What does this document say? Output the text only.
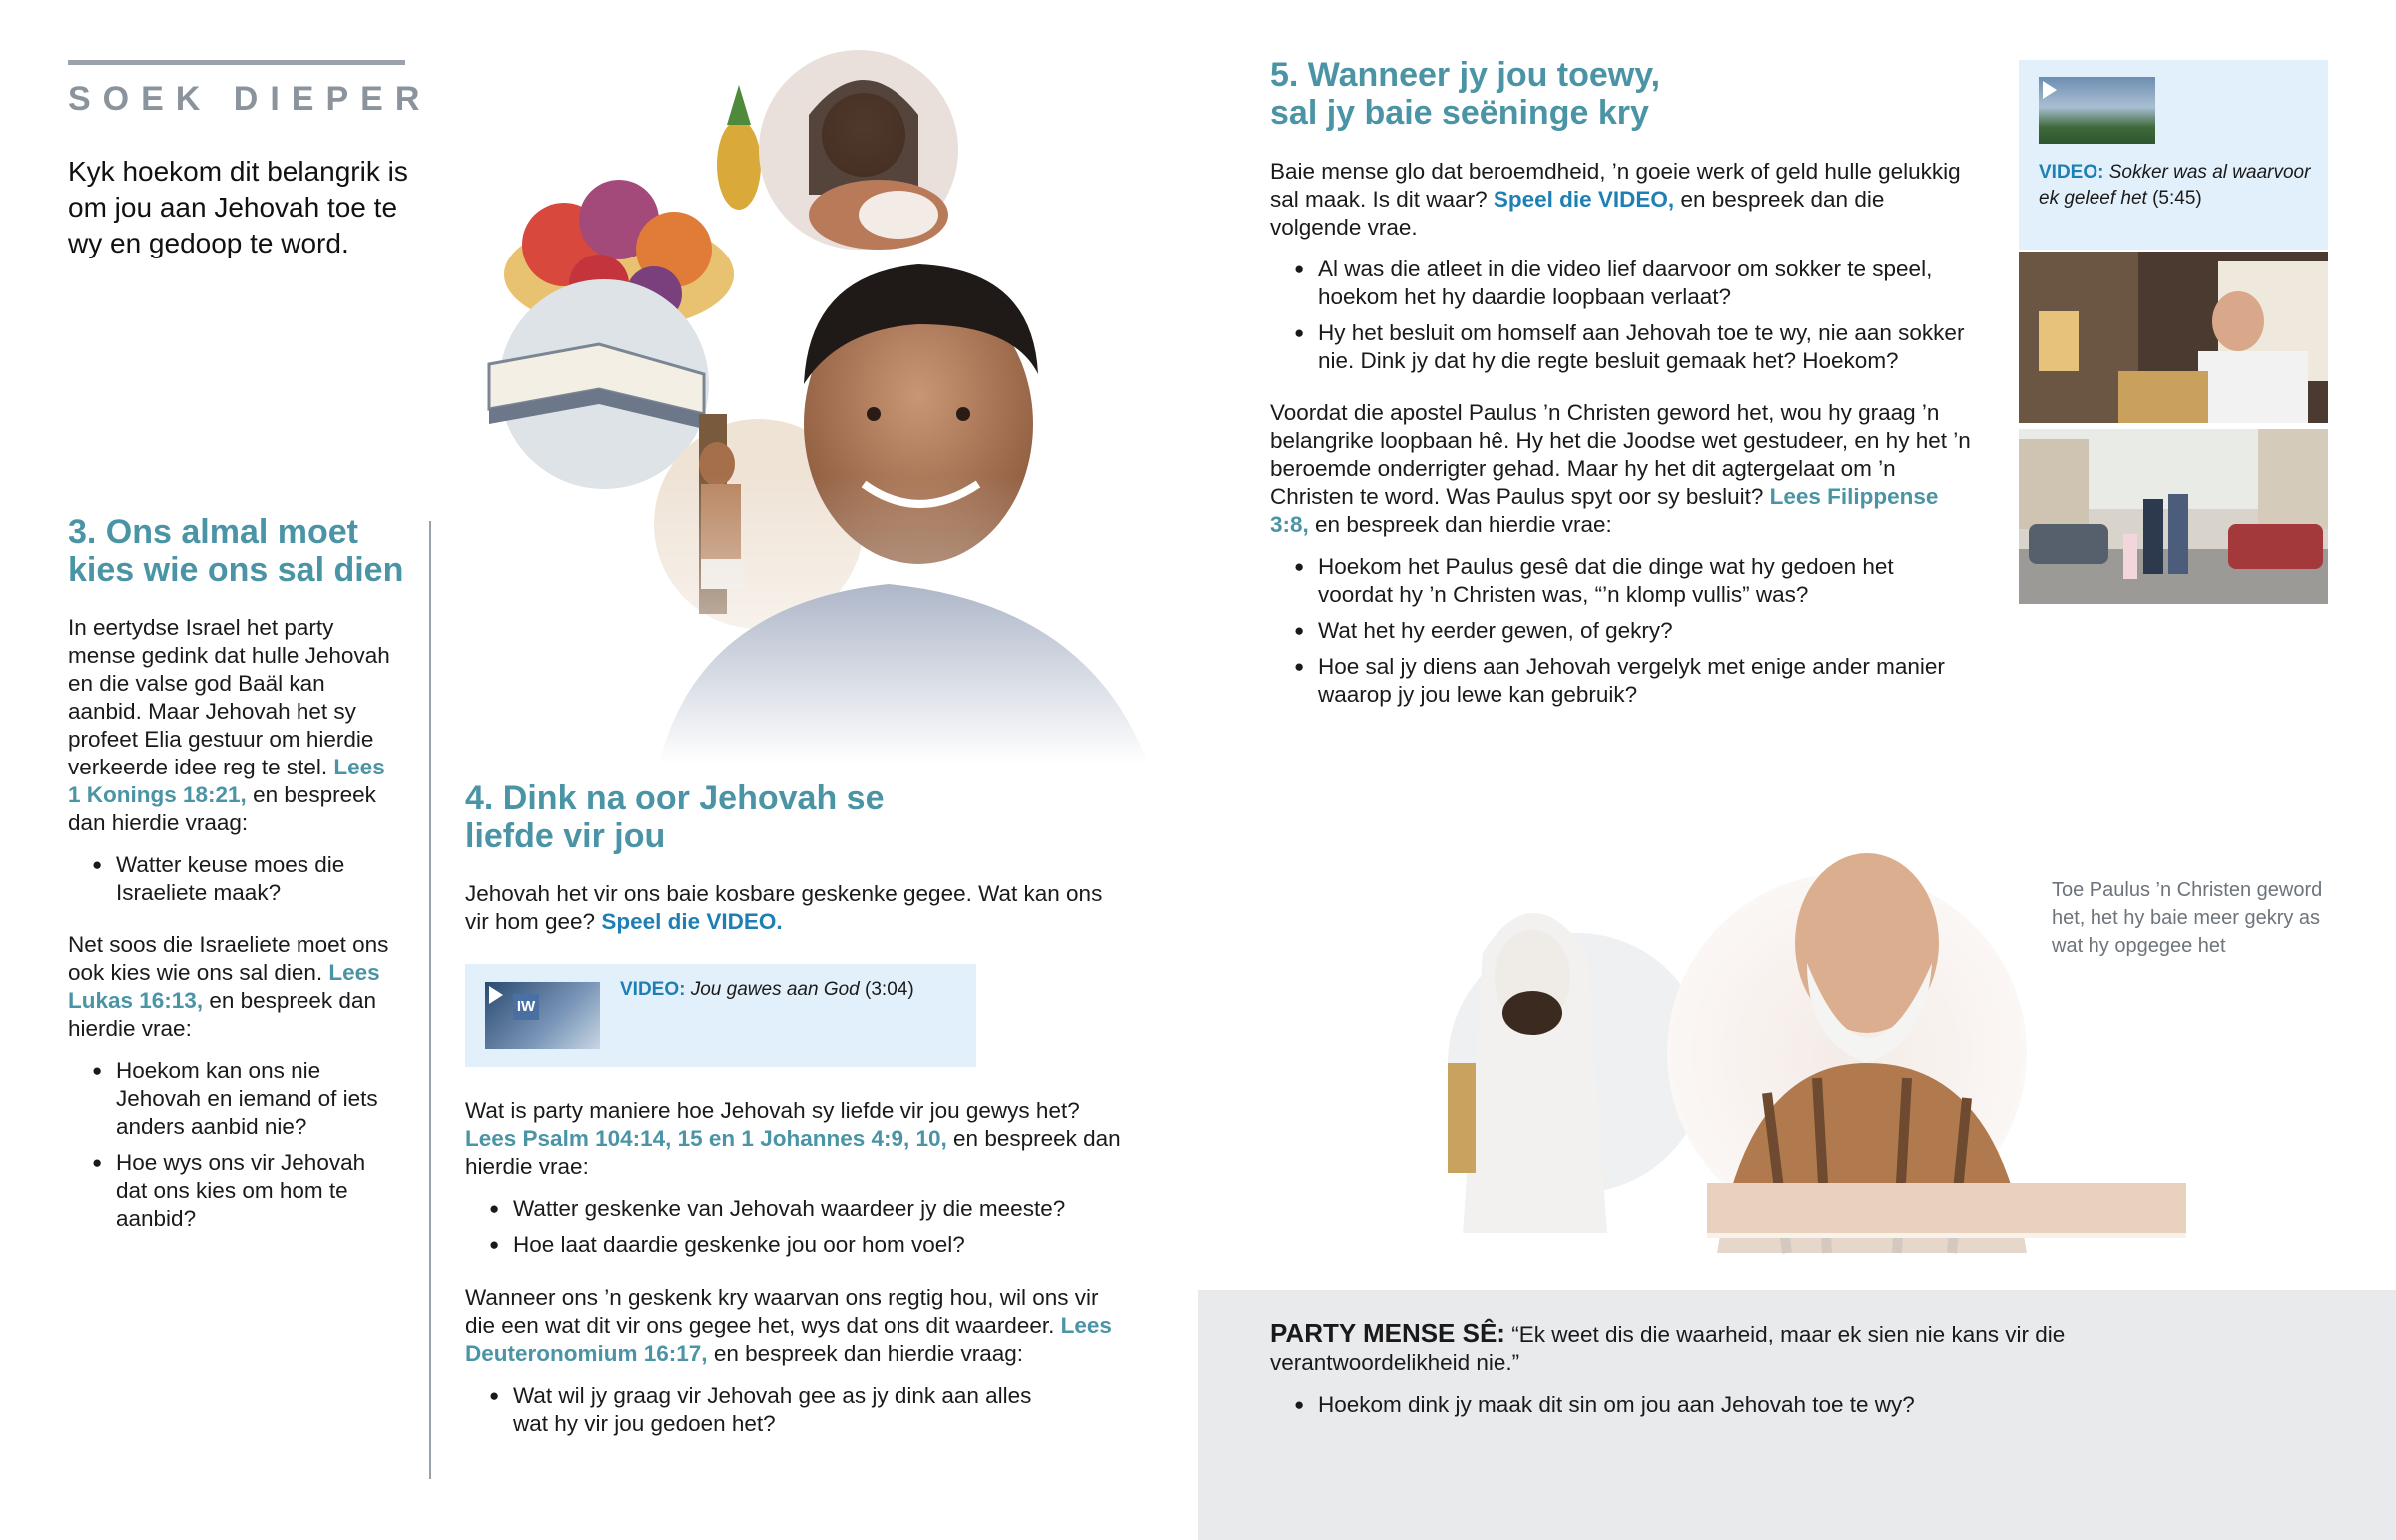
SOEK DIEPER
Kyk hoekom dit belangrik is om jou aan Jehovah toe te wy en gedoop te word.
3. Ons almal moet kies wie ons sal dien

In eertydse Israel het party mense gedink dat hulle Jehovah en die valse god Baäl kan aanbid. Maar Jehovah het sy profeet Elia gestuur om hierdie verkeerde idee reg te stel. Lees 1 Konings 18:21, en bespreek dan hierdie vraag:

● Watter keuse moes die Israeliete maak?

Net soos die Israeliete moet ons ook kies wie ons sal dien. Lees Lukas 16:13, en bespreek dan hierdie vrae:

● Hoekom kan ons nie Jehovah en iemand of iets anders aanbid nie?
● Hoe wys ons vir Jehovah dat ons kies om hom te aanbid?
4. Dink na oor Jehovah se liefde vir jou

Jehovah het vir ons baie kosbare geskenke gegee. Wat kan ons vir hom gee? Speel die VIDEO.

IW
VIDEO: Jou gawes aan God (3:04)

Wat is party maniere hoe Jehovah sy liefde vir jou gewys het? Lees Psalm 104:14, 15 en 1 Johannes 4:9, 10, en bespreek dan hierdie vrae:

● Watter geskenke van Jehovah waardeer jy die meeste?
● Hoe laat daardie geskenke jou oor hom voel?

Wanneer ons ’n geskenk kry waarvan ons regtig hou, wil ons vir die een wat dit vir ons gegee het, wys dat ons dit waardeer. Lees Deuteronomium 16:17, en bespreek dan hierdie vraag:

● Wat wil jy graag vir Jehovah gee as jy dink aan alles wat hy vir jou gedoen het?
5. Wanneer jy jou toewy, sal jy baie seëninge kry

Baie mense glo dat beroemdheid, ’n goeie werk of geld hulle gelukkig sal maak. Is dit waar? Speel die VIDEO, en bespreek dan die volgende vrae.

● Al was die atleet in die video lief daarvoor om sokker te speel, hoekom het hy daardie loopbaan verlaat?
● Hy het besluit om homself aan Jehovah toe te wy, nie aan sokker nie. Dink jy dat hy die regte besluit gemaak het? Hoekom?

Voordat die apostel Paulus ’n Christen geword het, wou hy graag ’n belangrike loopbaan hê. Hy het die Joodse wet gestudeer, en hy het ’n beroemde onderrigter gehad. Maar hy het dit agtergelaat om ’n Christen te word. Was Paulus spyt oor sy besluit? Lees Filippense 3:8, en bespreek dan hierdie vrae:

● Hoekom het Paulus gesê dat die dinge wat hy gedoen het voordat hy ’n Christen was, “’n klomp vullis” was?
● Wat het hy eerder gewen, of gekry?
● Hoe sal jy diens aan Jehovah vergelyk met enige ander manier waarop jy jou lewe kan gebruik?
VIDEO: Sokker was al waarvoor ek geleef het (5:45)
Toe Paulus ’n Christen geword het, het hy baie meer gekry as wat hy opgegee het

PARTY MENSE SÊ: “Ek weet dis die waarheid, maar ek sien nie kans vir die verantwoordelikheid nie.”

● Hoekom dink jy maak dit sin om jou aan Jehovah toe te wy?
